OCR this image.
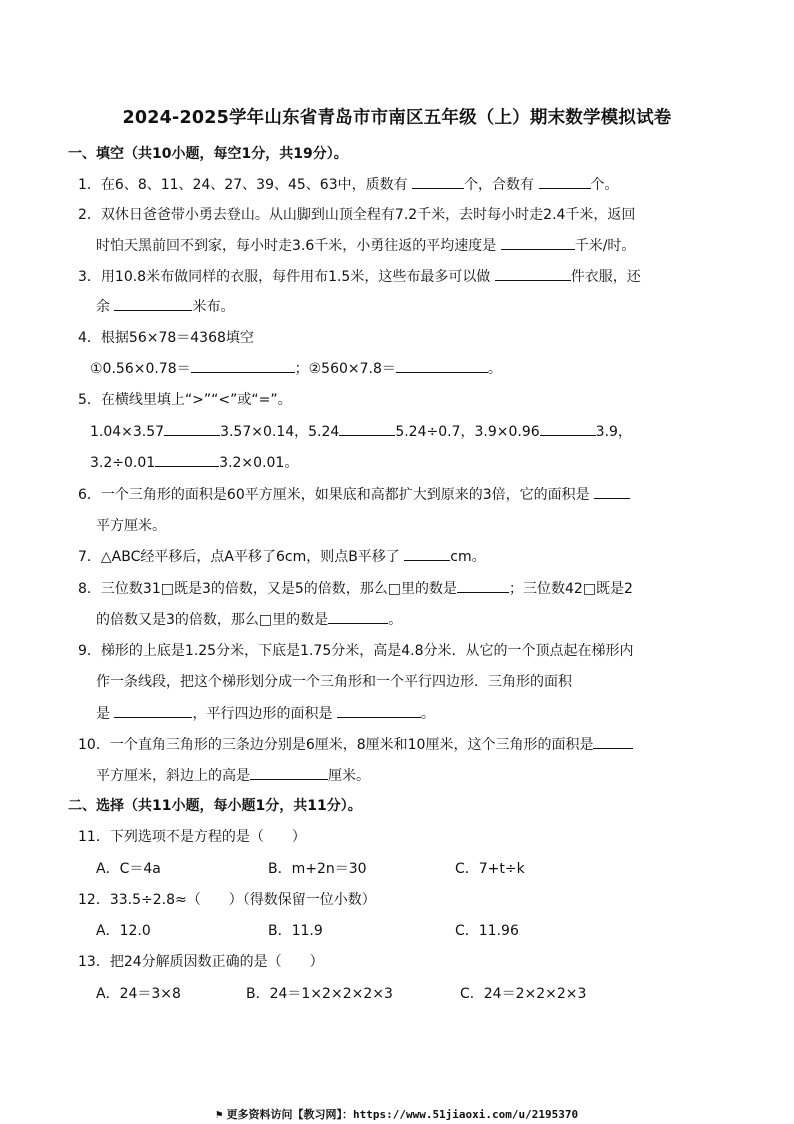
2024-2025学年山东省青岛市市南区五年级（上）期末数学模拟试卷
一、填空（共10小题，每空1分，共19分）。
1．在6、8、11、24、27、39、45、63中，质数有	个，合数有	个。
2．双休日爸爸带小勇去登山。从山脚到山顶全程有7.2千米，去时每小时走2.4千米，返回
时怕天黑前回不到家，每小时走3.6千米，小勇往返的平均速度是	千米/时。
3．用10.8米布做同样的衣服，每件用布1.5米，这些布最多可以做	件衣服，还
余	米布。
4．根据56×78＝4368填空
①0.56×0.78＝	；②560×7.8＝	。
5．在横线里填上“>”“<”或“=”。
1.04×3.57	3.57×0.14，5.24	5.24÷0.7，3.9×0.96	3.9，
3.2÷0.01	3.2×0.01。
6．一个三角形的面积是60平方厘米，如果底和高都扩大到原来的3倍，它的面积是
平方厘米。
7．△ABC经平移后，点A平移了6cm，则点B平移了	cm。
8．三位数31□既是3的倍数，又是5的倍数，那么□里的数是	；三位数42□既是2
的倍数又是3的倍数，那么□里的数是	。
9．梯形的上底是1.25分米，下底是1.75分米，高是4.8分米．从它的一个顶点起在梯形内
作一条线段，把这个梯形划分成一个三角形和一个平行四边形．三角形的面积
是	，平行四边形的面积是	。
10．一个直角三角形的三条边分别是6厘米，8厘米和10厘米，这个三角形的面积是
平方厘米，斜边上的高是	厘米。
二、选择（共11小题，每小题1分，共11分）。
11．下列选项不是方程的是（　　）
A．C＝4a	B．m+2n＝30	C．7+t÷k
12．33.5÷2.8≈（　　）（得数保留一位小数）
A．12.0	B．11.9	C．11.96
13．把24分解质因数正确的是（　　）
A．24＝3×8	B．24＝1×2×2×2×3	C．24＝2×2×2×3
⚑ 更多资料访问【教习网】：https://www.51jiaoxi.com/u/2195370
